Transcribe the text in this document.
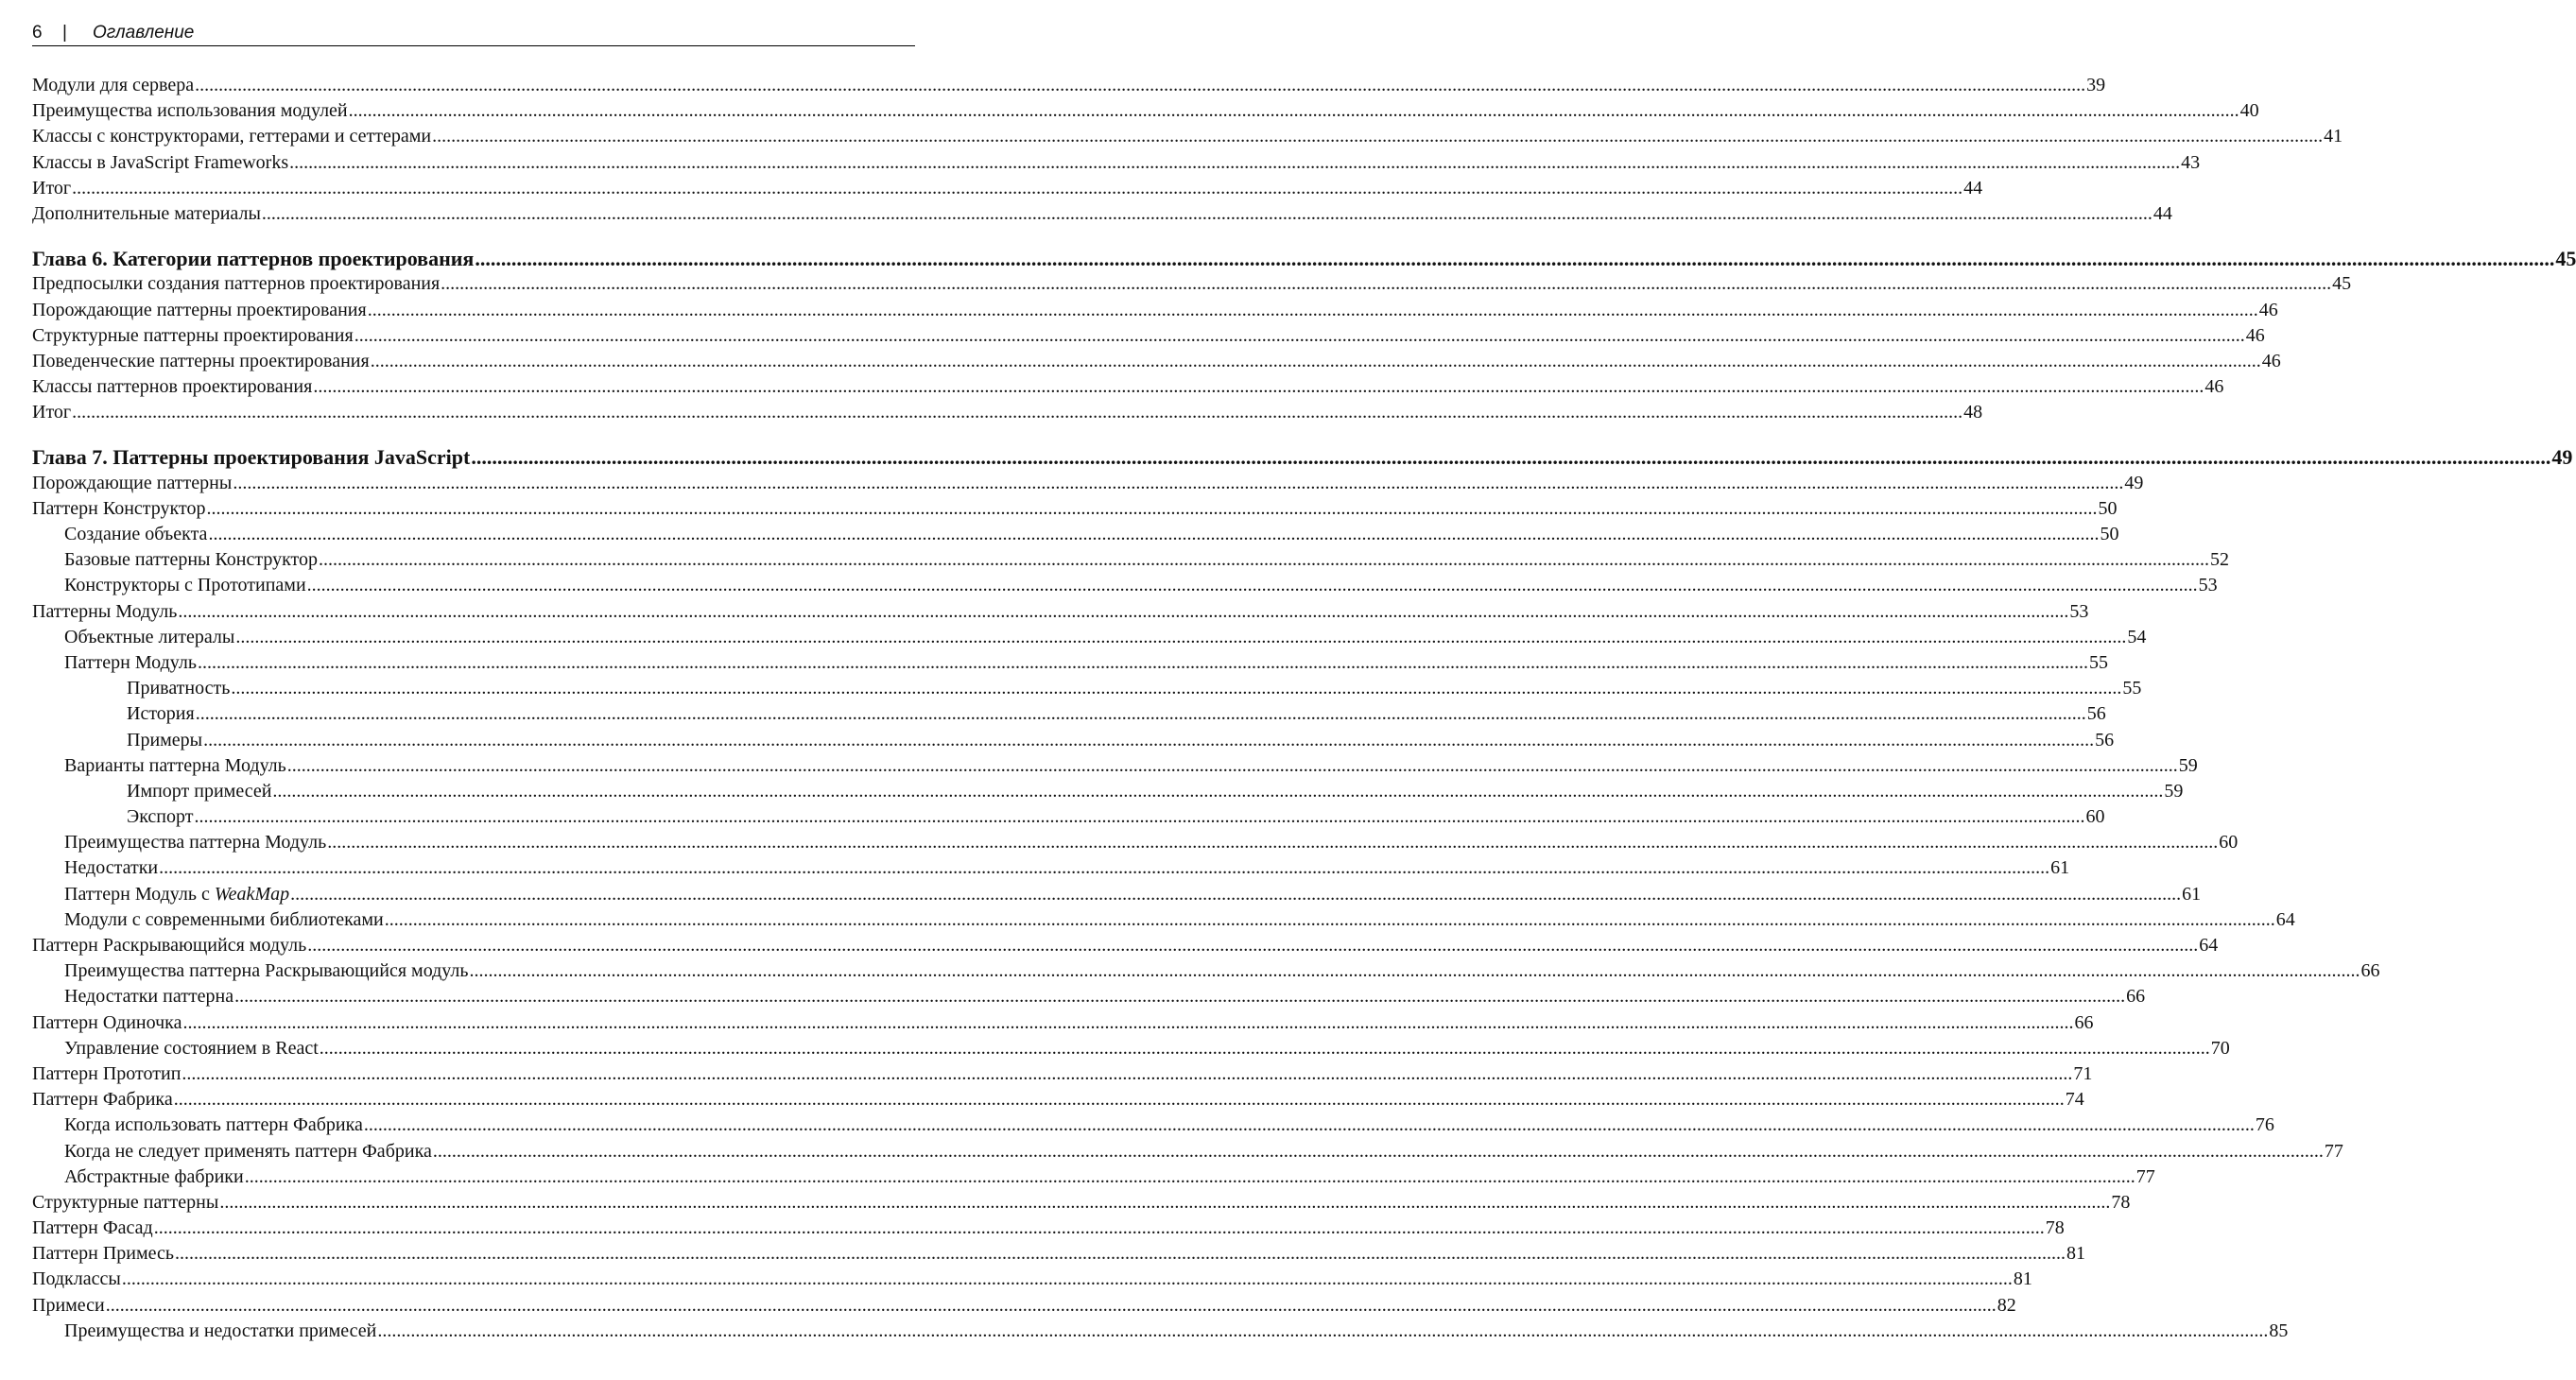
6 | Оглавление
Модули для сервера ................................................................................................................................................................................................................................................................................................................................................................................................................ 39
Преимущества использования модулей ................................................................................................................................................................................................................................................................................................................................................................................................................ 40
Классы с конструкторами, геттерами и сеттерами ................................................................................................................................................................................................................................................................................................................................................................................................................ 41
Классы в JavaScript Frameworks ................................................................................................................................................................................................................................................................................................................................................................................................................ 43
Итог ................................................................................................................................................................................................................................................................................................................................................................................................................ 44
Дополнительные материалы ................................................................................................................................................................................................................................................................................................................................................................................................................ 44
Глава 6. Категории паттернов проектирования ................................................................................................................................................................................................................................................................................................................................................................................................................ 45
Предпосылки создания паттернов проектирования ................................................................................................................................................................................................................................................................................................................................................................................................................ 45
Порождающие паттерны проектирования ................................................................................................................................................................................................................................................................................................................................................................................................................ 46
Структурные паттерны проектирования ................................................................................................................................................................................................................................................................................................................................................................................................................ 46
Поведенческие паттерны проектирования ................................................................................................................................................................................................................................................................................................................................................................................................................ 46
Классы паттернов проектирования ................................................................................................................................................................................................................................................................................................................................................................................................................ 46
Итог ................................................................................................................................................................................................................................................................................................................................................................................................................ 48
Глава 7. Паттерны проектирования JavaScript ................................................................................................................................................................................................................................................................................................................................................................................................................ 49
Порождающие паттерны ................................................................................................................................................................................................................................................................................................................................................................................................................ 49
Паттерн Конструктор ................................................................................................................................................................................................................................................................................................................................................................................................................ 50
Создание объекта ................................................................................................................................................................................................................................................................................................................................................................................................................ 50
Базовые паттерны Конструктор ................................................................................................................................................................................................................................................................................................................................................................................................................ 52
Конструкторы с Прототипами ................................................................................................................................................................................................................................................................................................................................................................................................................ 53
Паттерны Модуль ................................................................................................................................................................................................................................................................................................................................................................................................................ 53
Объектные литералы ................................................................................................................................................................................................................................................................................................................................................................................................................ 54
Паттерн Модуль ................................................................................................................................................................................................................................................................................................................................................................................................................ 55
Приватность ................................................................................................................................................................................................................................................................................................................................................................................................................ 55
История ................................................................................................................................................................................................................................................................................................................................................................................................................ 56
Примеры ................................................................................................................................................................................................................................................................................................................................................................................................................ 56
Варианты паттерна Модуль ................................................................................................................................................................................................................................................................................................................................................................................................................ 59
Импорт примесей ................................................................................................................................................................................................................................................................................................................................................................................................................ 59
Экспорт ................................................................................................................................................................................................................................................................................................................................................................................................................ 60
Преимущества паттерна Модуль ................................................................................................................................................................................................................................................................................................................................................................................................................ 60
Недостатки ................................................................................................................................................................................................................................................................................................................................................................................................................ 61
Паттерн Модуль с WeakMap ................................................................................................................................................................................................................................................................................................................................................................................................................ 61
Модули с современными библиотеками ................................................................................................................................................................................................................................................................................................................................................................................................................ 64
Паттерн Раскрывающийся модуль ................................................................................................................................................................................................................................................................................................................................................................................................................ 64
Преимущества паттерна Раскрывающийся модуль ................................................................................................................................................................................................................................................................................................................................................................................................................ 66
Недостатки паттерна ................................................................................................................................................................................................................................................................................................................................................................................................................ 66
Паттерн Одиночка ................................................................................................................................................................................................................................................................................................................................................................................................................ 66
Управление состоянием в React ................................................................................................................................................................................................................................................................................................................................................................................................................ 70
Паттерн Прототип ................................................................................................................................................................................................................................................................................................................................................................................................................ 71
Паттерн Фабрика ................................................................................................................................................................................................................................................................................................................................................................................................................ 74
Когда использовать паттерн Фабрика ................................................................................................................................................................................................................................................................................................................................................................................................................ 76
Когда не следует применять паттерн Фабрика ................................................................................................................................................................................................................................................................................................................................................................................................................ 77
Абстрактные фабрики ................................................................................................................................................................................................................................................................................................................................................................................................................ 77
Структурные паттерны ................................................................................................................................................................................................................................................................................................................................................................................................................ 78
Паттерн Фасад ................................................................................................................................................................................................................................................................................................................................................................................................................ 78
Паттерн Примесь ................................................................................................................................................................................................................................................................................................................................................................................................................ 81
Подклассы ................................................................................................................................................................................................................................................................................................................................................................................................................ 81
Примеси ................................................................................................................................................................................................................................................................................................................................................................................................................ 82
Преимущества и недостатки примесей ................................................................................................................................................................................................................................................................................................................................................................................................................ 85
